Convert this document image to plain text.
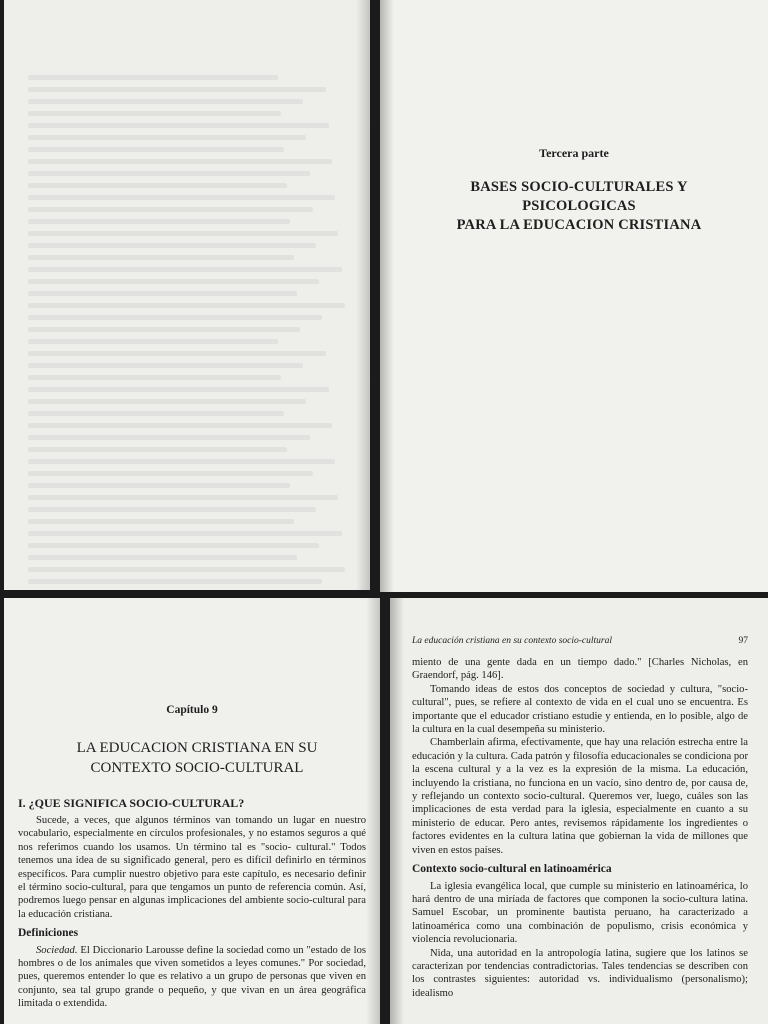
Tercera parte
BASES SOCIO-CULTURALES Y
PSICOLOGICAS
PARA LA EDUCACION CRISTIANA
Capítulo 9
LA EDUCACION CRISTIANA EN SU
CONTEXTO SOCIO-CULTURAL
I. ¿QUE SIGNIFICA SOCIO-CULTURAL?

Sucede, a veces, que algunos términos van tomando un lugar en nuestro vocabulario, especialmente en círculos profesionales, y no estamos seguros a qué nos referimos cuando los usamos. Un término tal es "socio- cultural." Todos tenemos una idea de su significado general, pero es difícil definirlo en términos específicos. Para cumplir nuestro objetivo para este capítulo, es necesario definir el término socio-cultural, para que tengamos un punto de referencia común. Así, podremos luego pensar en algunas implicaciones del ambiente socio-cultural para la educación cristiana.

Definiciones

Sociedad. El Diccionario Larousse define la sociedad como un "estado de los hombres o de los animales que viven sometidos a leyes comunes." Por sociedad, pues, queremos entender lo que es relativo a un grupo de personas que viven en conjunto, sea tal grupo grande o pequeño, y que vivan en un área geográfica limitada o extendida.

La educación cristiana en su contexto socio-cultural	97

miento de una gente dada en un tiempo dado." [Charles Nicholas, en Graendorf, pág. 146].

Tomando ideas de estos dos conceptos de sociedad y cultura, "socio-cultural", pues, se refiere al contexto de vida en el cual uno se encuentra. Es importante que el educador cristiano estudie y entienda, en lo posible, algo de la cultura en la cual desempeña su ministerio.

Chamberlain afirma, efectivamente, que hay una relación estrecha entre la educación y la cultura. Cada patrón y filosofía educacionales se condiciona por la escena cultural y a la vez es la expresión de la misma. La educación, incluyendo la cristiana, no funciona en un vacío, sino dentro de, por causa de, y reflejando un contexto socio-cultural. Queremos ver, luego, cuáles son las implicaciones de esta verdad para la iglesia, especialmente en cuanto a su ministerio de educar. Pero antes, revisemos rápidamente los ingredientes o factores evidentes en la cultura latina que gobiernan la vida de millones que viven en estos países.

Contexto socio-cultural en latinoamérica

La iglesia evangélica local, que cumple su ministerio en latinoamérica, lo hará dentro de una miríada de factores que componen la socio-cultura latina. Samuel Escobar, un prominente bautista peruano, ha caracterizado a latinoamérica como una combinación de populismo, crisis económica y violencia revolucionaria.

Nida, una autoridad en la antropología latina, sugiere que los latinos se caracterizan por tendencias contradictorias. Tales tendencias se describen con los contrastes siguientes: autoridad vs. individualismo (personalismo); idealismo
